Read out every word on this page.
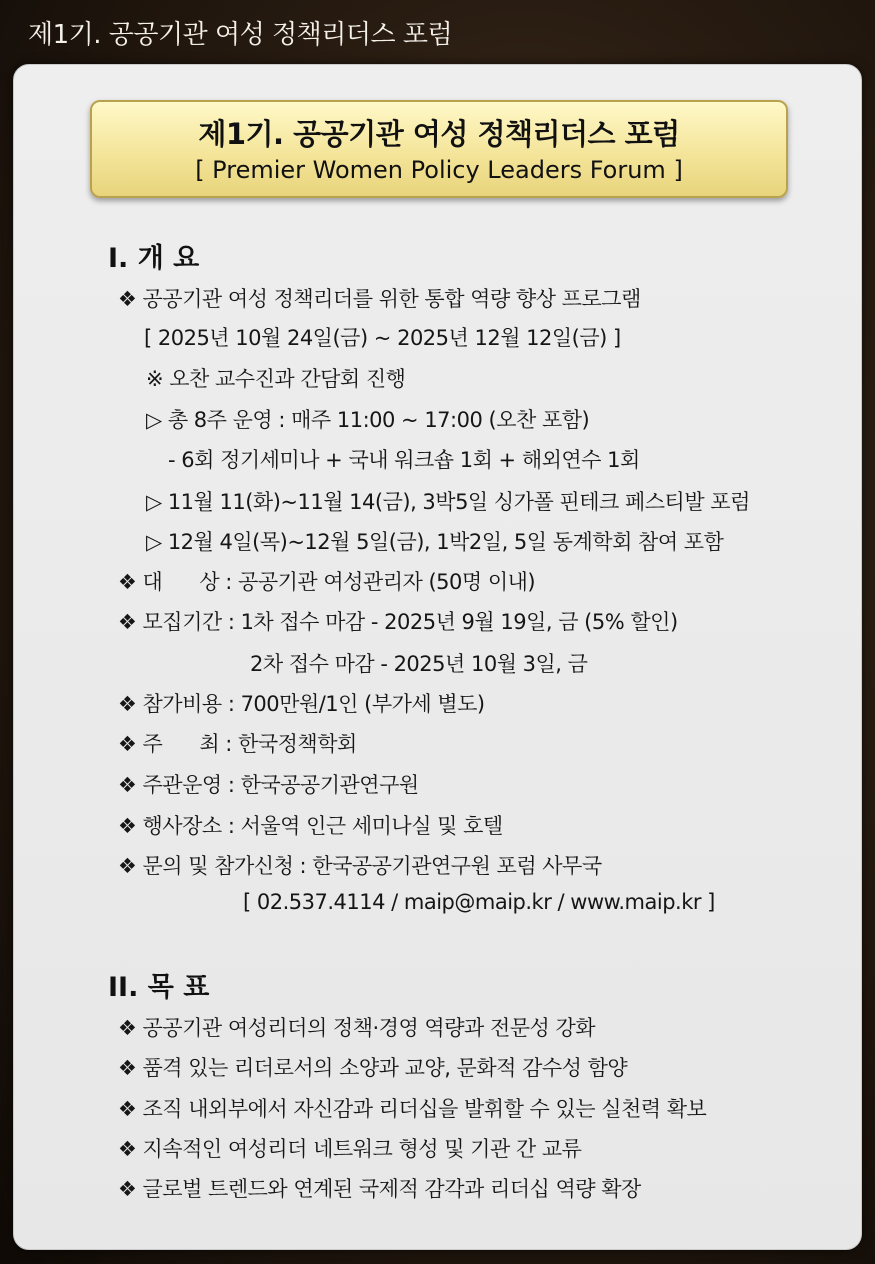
제1기. 공공기관 여성 정책리더스 포럼
제1기. 공공기관 여성 정책리더스 포럼
[ Premier Women Policy Leaders Forum ]
I. 개 요
❖ 공공기관 여성 정책리더를 위한 통합 역량 향상 프로그램
[ 2025년 10월 24일(금) ~ 2025년 12월 12일(금) ]
※ 오찬 교수진과 간담회 진행
▷ 총 8주 운영 : 매주 11:00 ~ 17:00 (오찬 포함)
- 6회 정기세미나 + 국내 워크숍 1회 + 해외연수 1회
▷ 11월 11(화)~11월 14(금), 3박5일 싱가폴 핀테크 페스티발 포럼
▷ 12월 4일(목)~12월 5일(금), 1박2일, 5일 동계학회 참여 포함
❖ 대      상 : 공공기관 여성관리자 (50명 이내)
❖ 모집기간 : 1차 접수 마감 - 2025년 9월 19일, 금 (5% 할인)
2차 접수 마감 - 2025년 10월 3일, 금
❖ 참가비용 : 700만원/1인 (부가세 별도)
❖ 주      최 : 한국정책학회
❖ 주관운영 : 한국공공기관연구원
❖ 행사장소 : 서울역 인근 세미나실 및 호텔
❖ 문의 및 참가신청 : 한국공공기관연구원 포럼 사무국
[ 02.537.4114 / maip@maip.kr / www.maip.kr ]
II. 목 표
❖ 공공기관 여성리더의 정책·경영 역량과 전문성 강화
❖ 품격 있는 리더로서의 소양과 교양, 문화적 감수성 함양
❖ 조직 내외부에서 자신감과 리더십을 발휘할 수 있는 실천력 확보
❖ 지속적인 여성리더 네트워크 형성 및 기관 간 교류
❖ 글로벌 트렌드와 연계된 국제적 감각과 리더십 역량 확장
